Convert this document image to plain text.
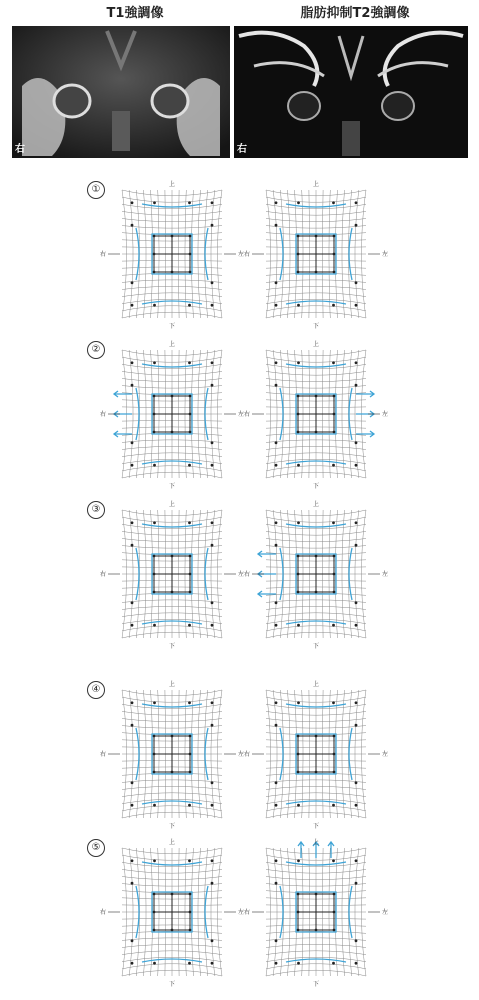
T1強調像	脂肪抑制T2強調像
右	右
①
②
③
④
⑤
上
下
右	左
上
下
右	左
上
下
右	左
上
下
右	左
上
下
右	左
上
下
右	左
上
下
右	左
上
下
右	左
上
下
右	左
上
下
右	左
